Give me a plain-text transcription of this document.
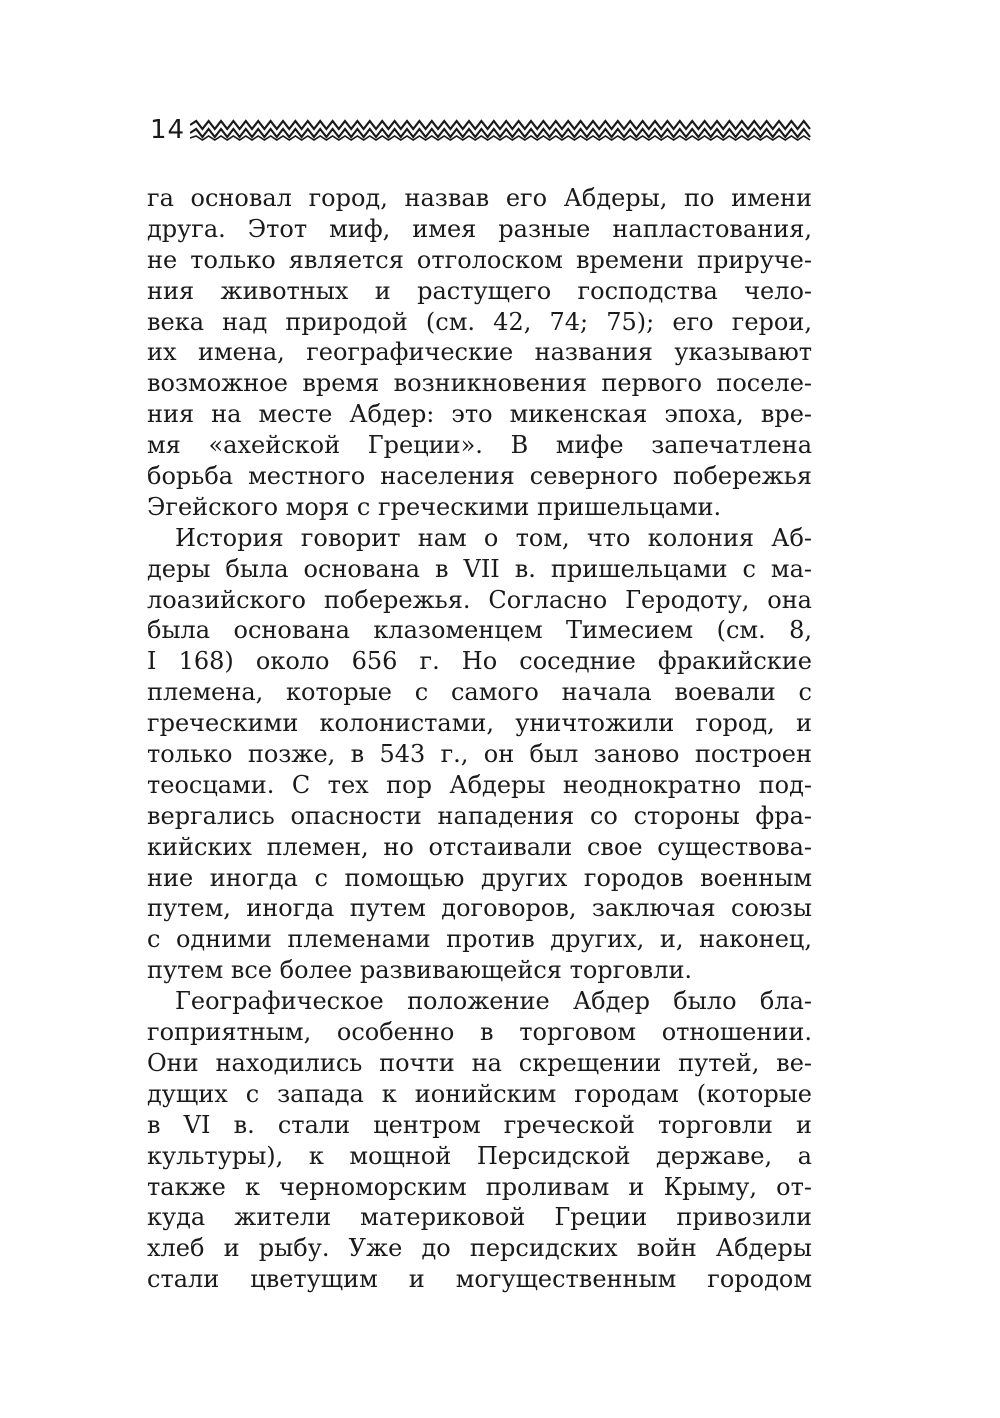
14
га основал город, назвав его Абдеры, по имени
друга. Этот миф, имея разные напластования,
не только является отголоском времени прируче-
ния животных и растущего господства чело-
века над природой (см. 42, 74; 75); его герои,
их имена, географические названия указывают
возможное время возникновения первого поселе-
ния на месте Абдер: это микенская эпоха, вре-
мя «ахейской Греции». В мифе запечатлена
борьба местного населения северного побережья
Эгейского моря с греческими пришельцами.
История говорит нам о том, что колония Аб-
деры была основана в VII в. пришельцами с ма-
лоазийского побережья. Согласно Геродоту, она
была основана клазоменцем Тимесием (см. 8,
I 168) около 656 г. Но соседние фракийские
племена, которые с самого начала воевали с
греческими колонистами, уничтожили город, и
только позже, в 543 г., он был заново построен
теосцами. С тех пор Абдеры неоднократно под-
вергались опасности нападения со стороны фра-
кийских племен, но отстаивали свое существова-
ние иногда с помощью других городов военным
путем, иногда путем договоров, заключая союзы
с одними племенами против других, и, наконец,
путем все более развивающейся торговли.
Географическое положение Абдер было бла-
гоприятным, особенно в торговом отношении.
Они находились почти на скрещении путей, ве-
дущих с запада к ионийским городам (которые
в VI в. стали центром греческой торговли и
культуры), к мощной Персидской державе, а
также к черноморским проливам и Крыму, от-
куда жители материковой Греции привозили
хлеб и рыбу. Уже до персидских войн Абдеры
стали цветущим и могущественным городом
